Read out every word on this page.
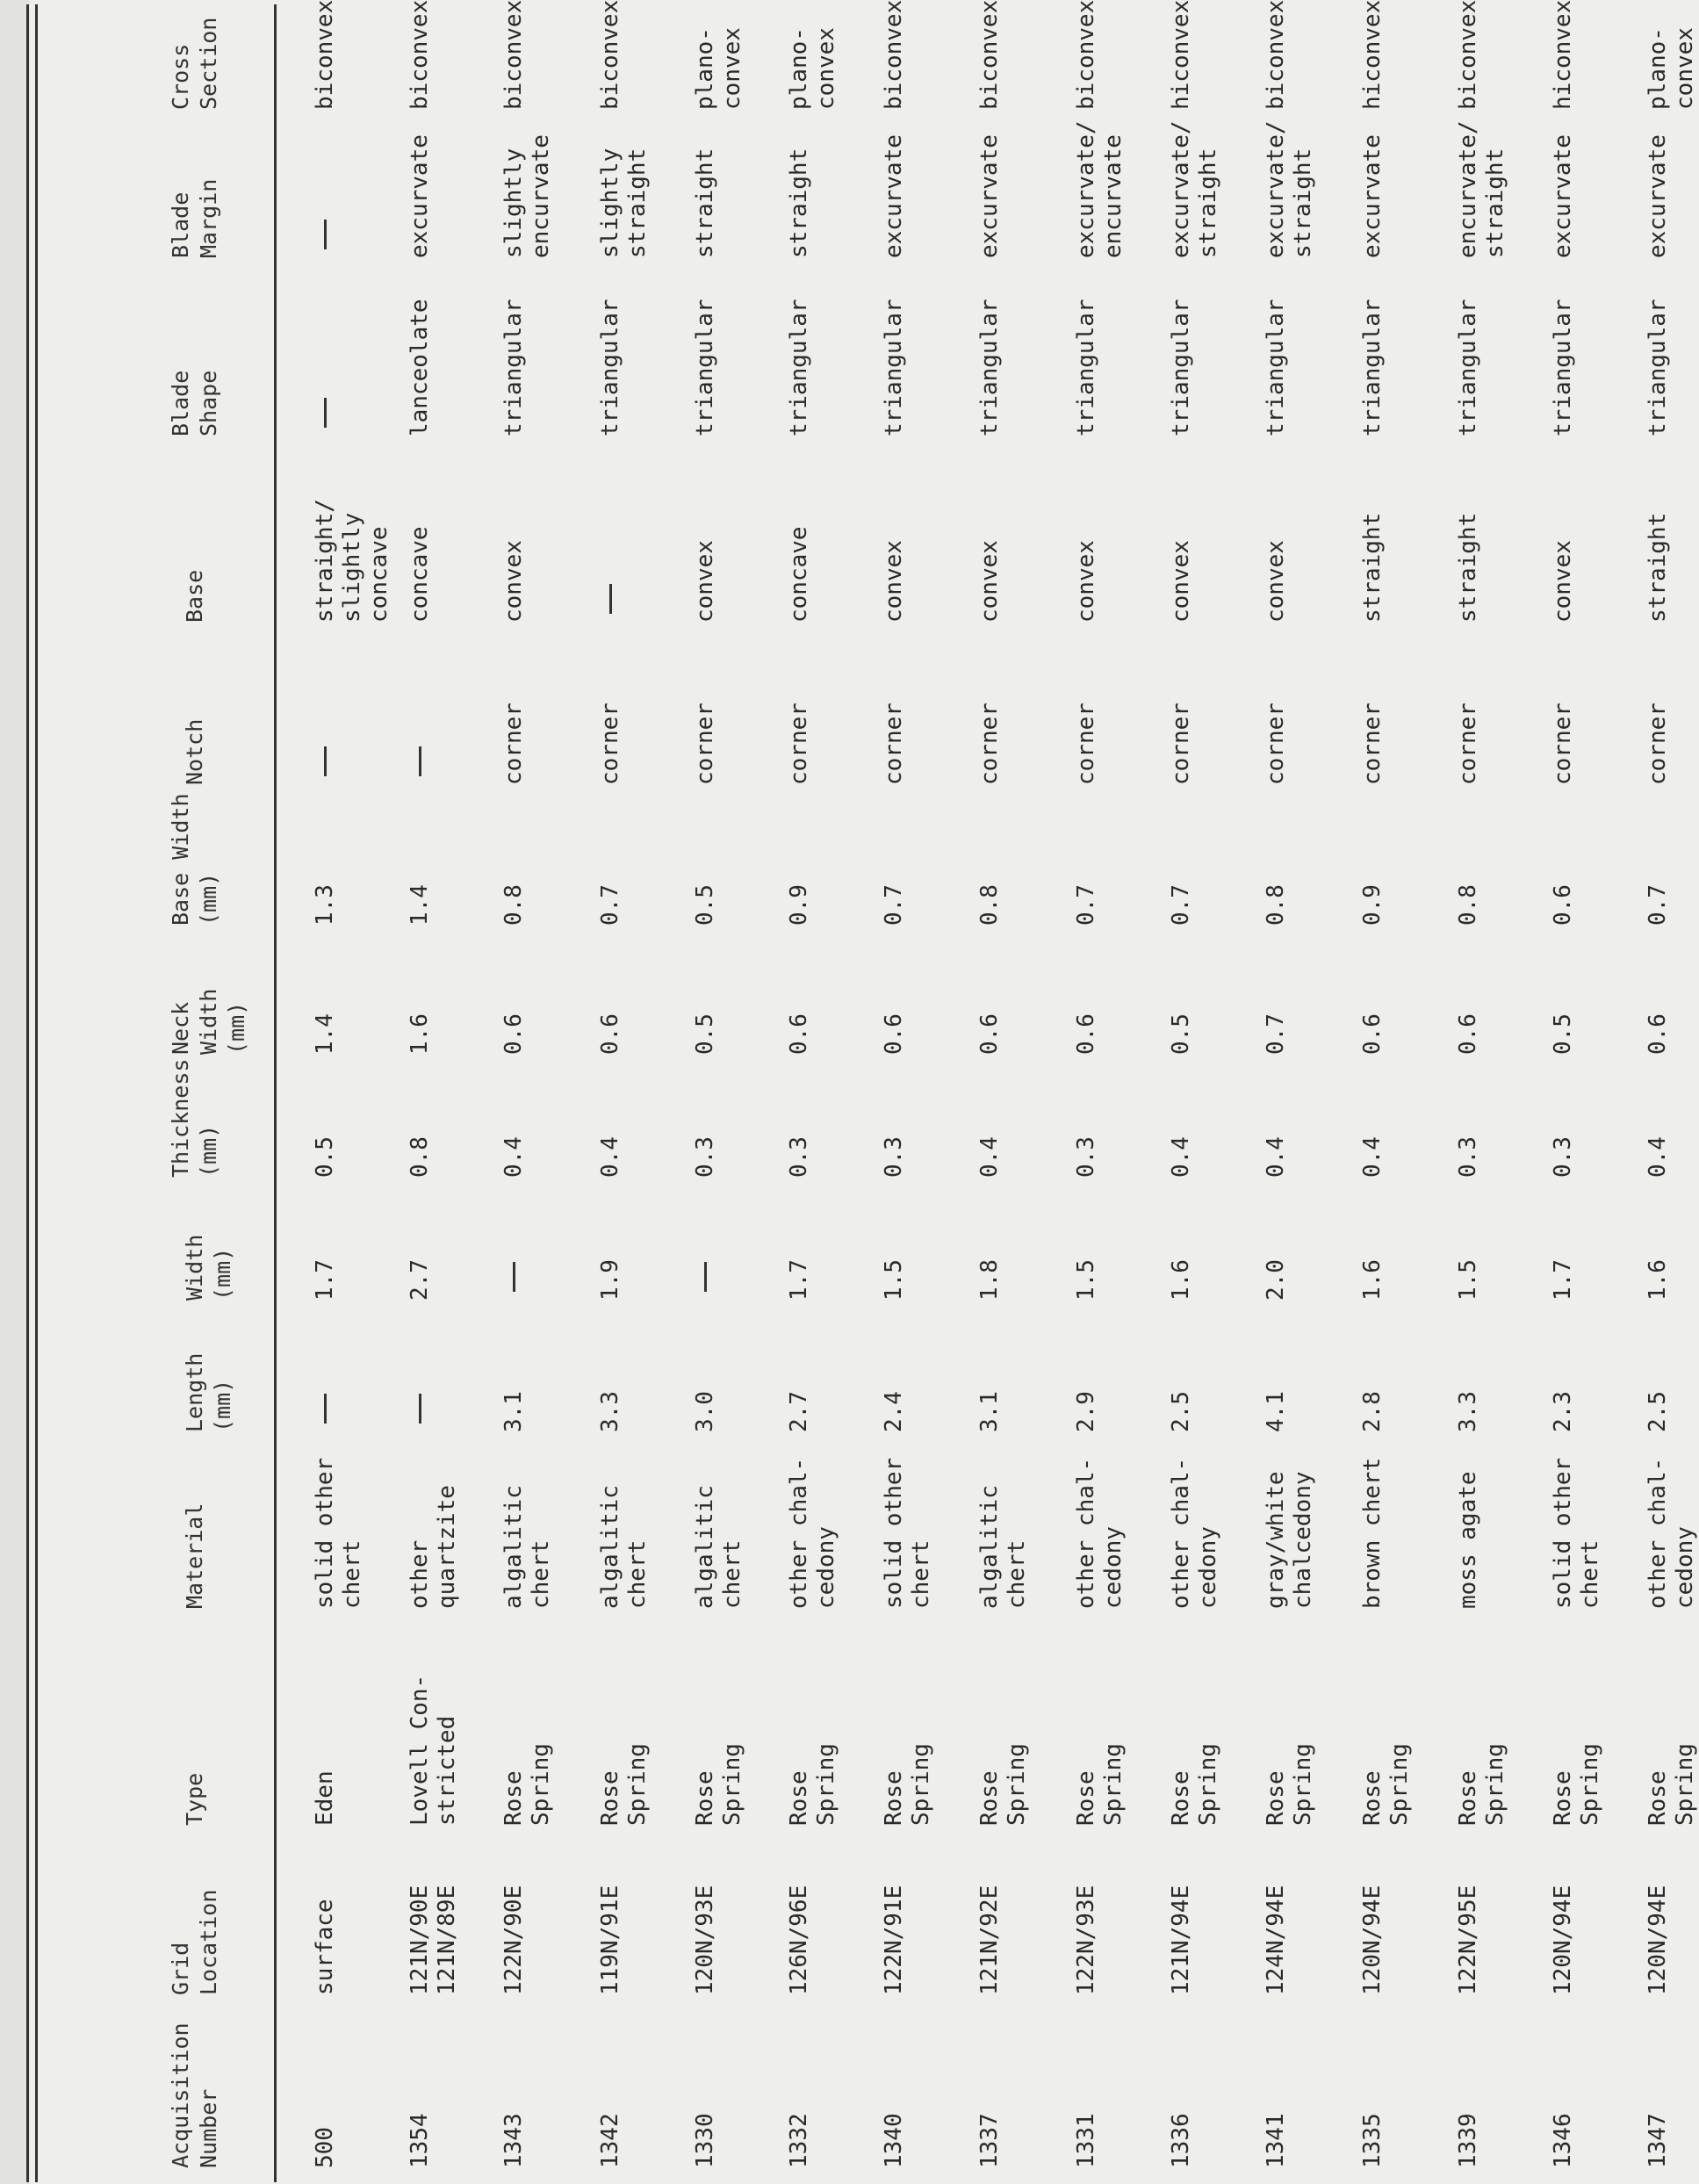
Acquisition
Number
Grid
Location
Type
Material
Length (mm)
Width (mm)
Thickness
(mm)
Neck Width
(mm)
Base Width
(mm)
Notch
Base
Blade
Shape
Blade
Margin
Cross
Section
500
surface
Eden
solid other
chert
1.7
0.5
1.4
1.3
straight/
slightly
concave
biconvex
1354
121N/90E
121N/89E
Lovell Con-
stricted
other
quartzite
2.7
0.8
1.6
1.4
concave
lanceolate
excurvate
biconvex
1343
122N/90E
Rose
Spring
algalitic
chert
3.1
0.4
0.6
0.8
corner
convex
triangular
slightly
encurvate
biconvex
1342
119N/91E
Rose
Spring
algalitic
chert
3.3
1.9
0.4
0.6
0.7
corner
triangular
slightly
straight
biconvex
1330
120N/93E
Rose
Spring
algalitic
chert
3.0
0.3
0.5
0.5
corner
convex
triangular
straight
plano-convex
1332
126N/96E
Rose
Spring
other chal-
cedony
2.7
1.7
0.3
0.6
0.9
corner
concave
triangular
straight
plano-convex
1340
122N/91E
Rose
Spring
solid other
chert
2.4
1.5
0.3
0.6
0.7
corner
convex
triangular
excurvate
biconvex
1337
121N/92E
Rose
Spring
algalitic
chert
3.1
1.8
0.4
0.6
0.8
corner
convex
triangular
excurvate
biconvex
1331
122N/93E
Rose
Spring
other chal-
cedony
2.9
1.5
0.3
0.6
0.7
corner
convex
triangular
excurvate/
encurvate
biconvex
1336
121N/94E
Rose
Spring
other chal-
cedony
2.5
1.6
0.4
0.5
0.7
corner
convex
triangular
excurvate/
straight
hiconvex
1341
124N/94E
Rose
Spring
gray/white
chalcedony
4.1
2.0
0.4
0.7
0.8
corner
convex
triangular
excurvate/
straight
biconvex
1335
120N/94E
Rose
Spring
brown chert
2.8
1.6
0.4
0.6
0.9
corner
straight
triangular
excurvate
hiconvex
1339
122N/95E
Rose
Spring
moss agate
3.3
1.5
0.3
0.6
0.8
corner
straight
triangular
encurvate/
straight
biconvex
1346
120N/94E
Rose
Spring
solid other
chert
2.3
1.7
0.3
0.5
0.6
corner
convex
triangular
excurvate
hiconvex
1347
120N/94E
Rose
Spring
other chal-
cedony
2.5
1.6
0.4
0.6
0.7
corner
straight
triangular
excurvate
plano-convex
